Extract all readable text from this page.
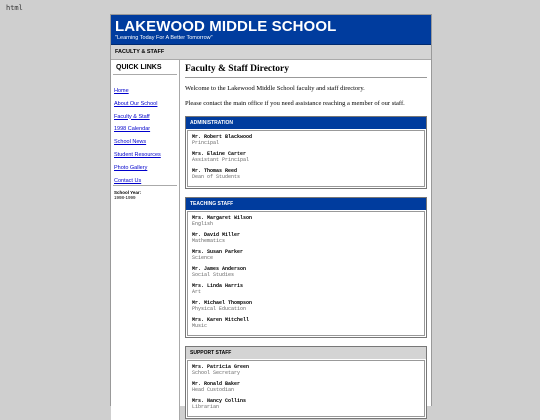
html
LAKEWOOD MIDDLE SCHOOL
"Learning Today For A Better Tomorrow"
FACULTY & STAFF
QUICK LINKS
Home
About Our School
Faculty & Staff
1998 Calendar
School News
Student Resources
Photo Gallery
Contact Us
School Year:
1998-1999
Faculty & Staff Directory

Welcome to the Lakewood Middle School faculty and staff directory.

Please contact the main office if you need assistance reaching a member of our staff.

ADMINISTRATION
Mr. Robert Blackwood
Principal
Mrs. Elaine Carter
Assistant Principal
Mr. Thomas Reed
Dean of Students
TEACHING STAFF
Mrs. Margaret Wilson
English
Mr. David Miller
Mathematics
Mrs. Susan Parker
Science
Mr. James Anderson
Social Studies
Mrs. Linda Harris
Art
Mr. Michael Thompson
Physical Education
Mrs. Karen Mitchell
Music
SUPPORT STAFF
Mrs. Patricia Green
School Secretary
Mr. Ronald Baker
Head Custodian
Mrs. Nancy Collins
Librarian
